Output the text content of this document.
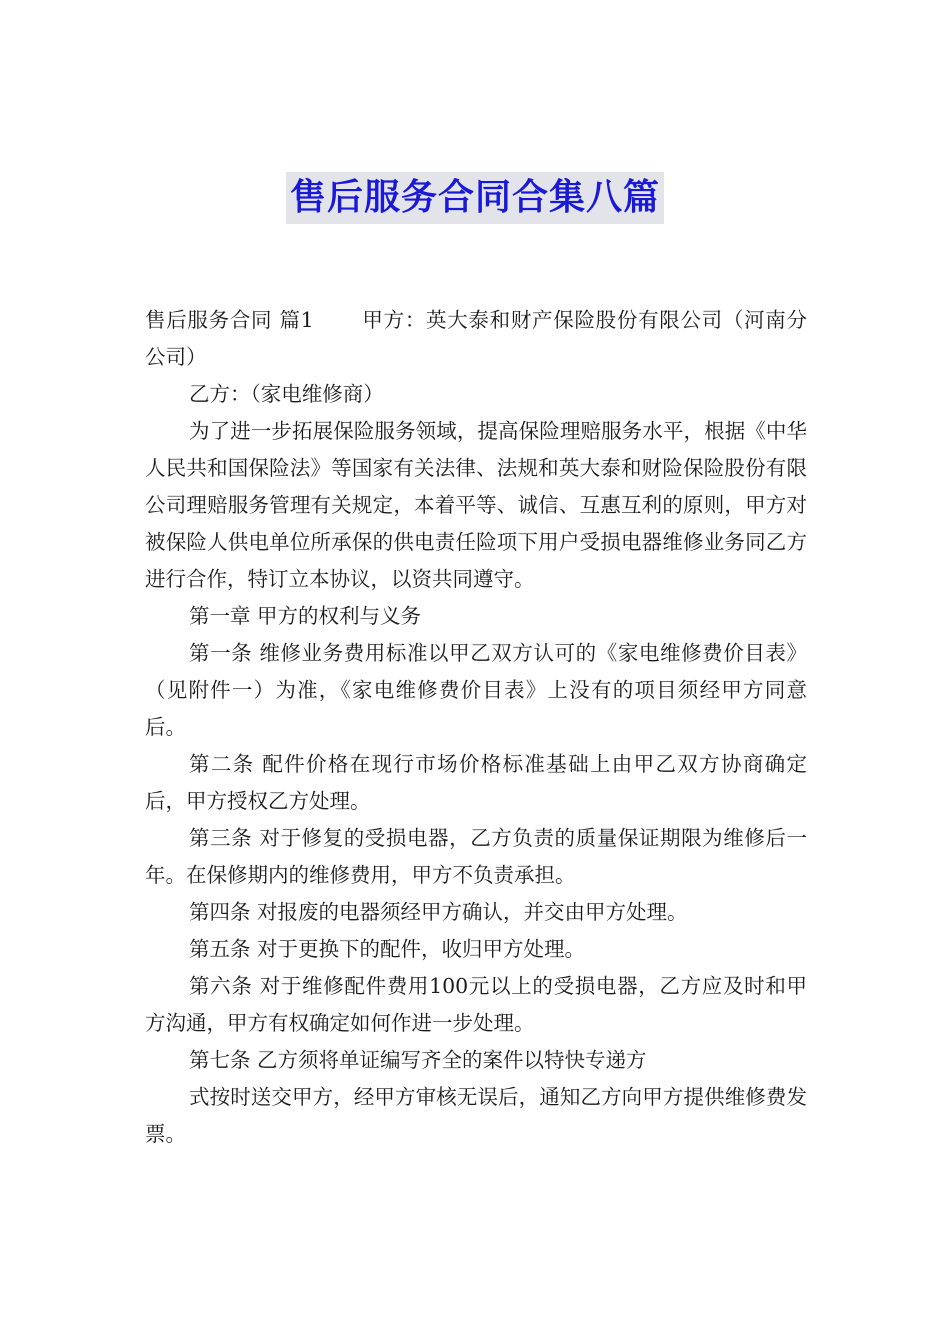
售后服务合同合集八篇

售后服务合同 篇1 甲方：英大泰和财产保险股份有限公司（河南分公司）

乙方：（家电维修商）

为了进一步拓展保险服务领域，提高保险理赔服务水平，根据《中华人民共和国保险法》等国家有关法律、法规和英大泰和财险保险股份有限公司理赔服务管理有关规定，本着平等、诚信、互惠互利的原则，甲方对被保险人供电单位所承保的供电责任险项下用户受损电器维修业务同乙方进行合作，特订立本协议，以资共同遵守。

第一章 甲方的权利与义务

第一条 维修业务费用标准以甲乙双方认可的《家电维修费价目表》（见附件一）为准，《家电维修费价目表》上没有的项目须经甲方同意后。

第二条 配件价格在现行市场价格标准基础上由甲乙双方协商确定后，甲方授权乙方处理。

第三条 对于修复的受损电器，乙方负责的质量保证期限为维修后一年。在保修期内的维修费用，甲方不负责承担。

第四条 对报废的电器须经甲方确认，并交由甲方处理。

第五条 对于更换下的配件，收归甲方处理。

第六条 对于维修配件费用100元以上的受损电器，乙方应及时和甲方沟通，甲方有权确定如何作进一步处理。

第七条 乙方须将单证编写齐全的案件以特快专递方

式按时送交甲方，经甲方审核无误后，通知乙方向甲方提供维修费发票。
